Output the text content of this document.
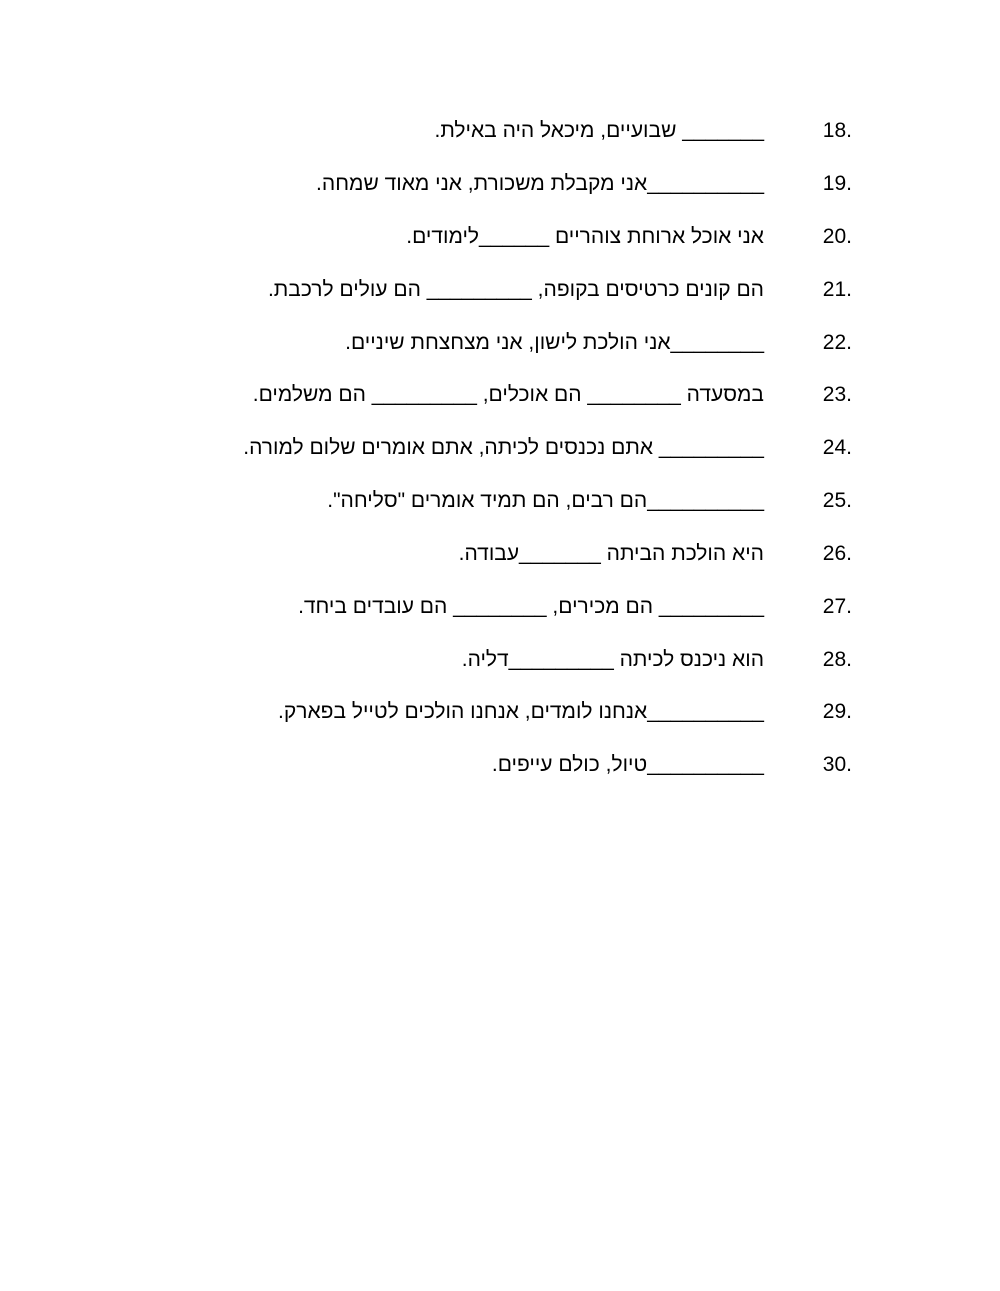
18.
_______ שבועיים, מיכאל היה באילת.
19.
__________אני מקבלת משכורת, אני מאוד שמחה.
20.
אני אוכל ארוחת צוהריים ______לימודים.
21.
הם קונים כרטיסים בקופה, _________ הם עולים לרכבת.
22.
________אני הולכת לישון, אני מצחצחת שיניים.
23.
במסעדה ________ הם אוכלים, _________ הם משלמים.
24.
_________ אתם נכנסים לכיתה, אתם אומרים שלום למורה.
25.
__________הם רבים, הם תמיד אומרים "סליחה".
26.
היא הולכת הביתה _______עבודה.
27.
_________ הם מכירים, ________ הם עובדים ביחד.
28.
הוא ניכנס לכיתה _________דליה.
29.
__________אנחנו לומדים, אנחנו הולכים לטייל בפארק.
30.
__________טיול, כולם עייפים.
